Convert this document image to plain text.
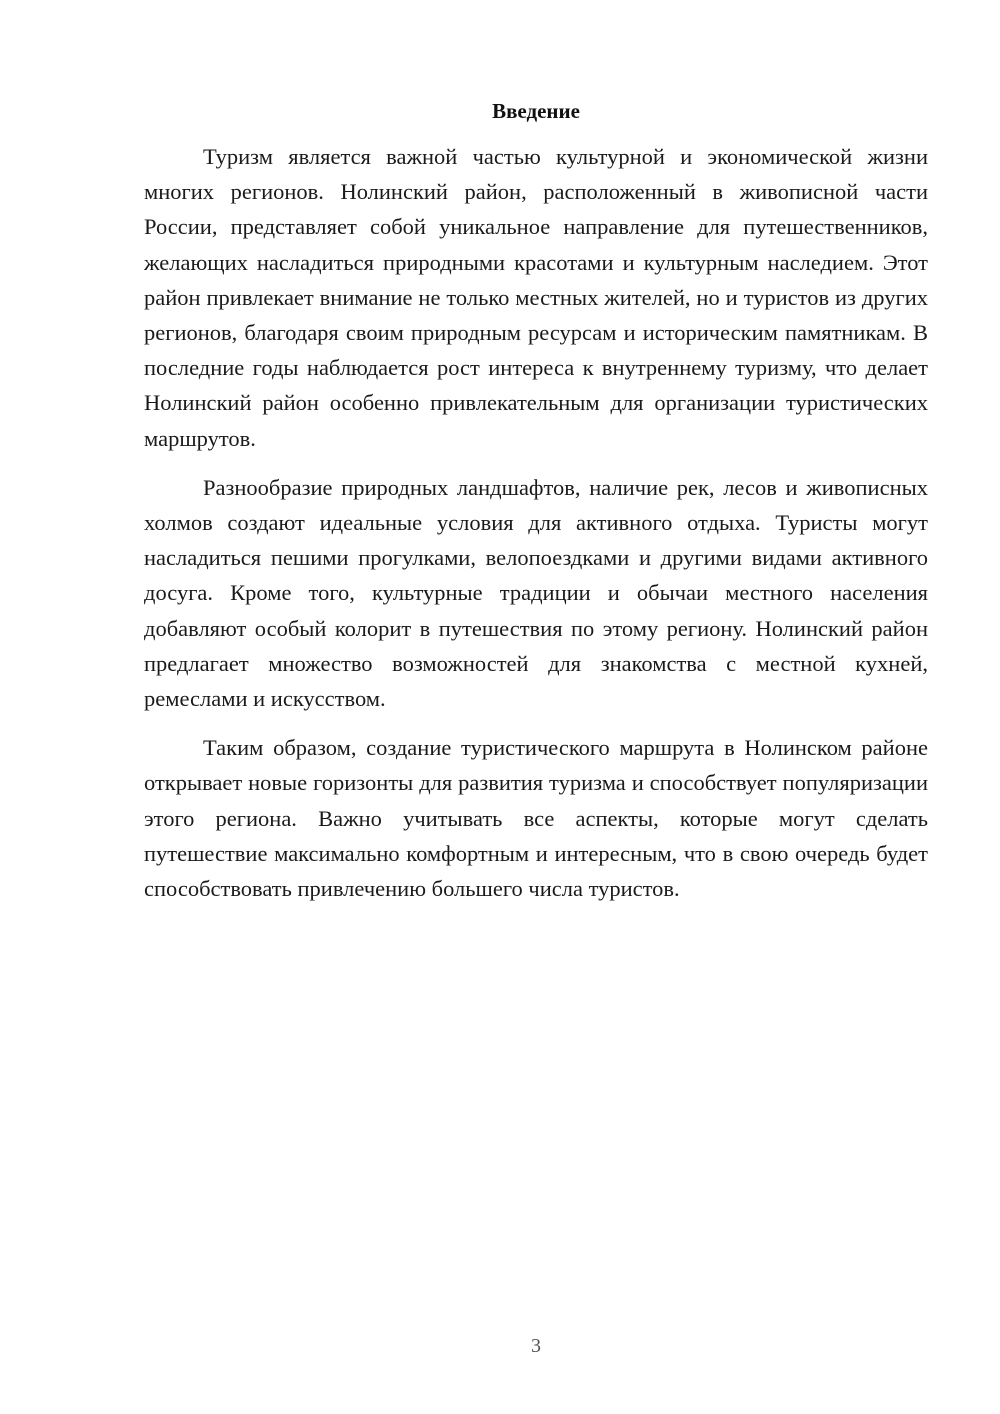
Введение

Туризм является важной частью культурной и экономической жизни многих регионов. Нолинский район, расположенный в живописной части России, представляет собой уникальное направление для путешественников, желающих насладиться природными красотами и культурным наследием. Этот район привлекает внимание не только местных жителей, но и туристов из других регионов, благодаря своим природным ресурсам и историческим памятникам. В последние годы наблюдается рост интереса к внутреннему туризму, что делает Нолинский район особенно привлекательным для организации туристических маршрутов.

Разнообразие природных ландшафтов, наличие рек, лесов и живописных холмов создают идеальные условия для активного отдыха. Туристы могут насладиться пешими прогулками, велопоездками и другими видами активного досуга. Кроме того, культурные традиции и обычаи местного населения добавляют особый колорит в путешествия по этому региону. Нолинский район предлагает множество возможностей для знакомства с местной кухней, ремеслами и искусством.

Таким образом, создание туристического маршрута в Нолинском районе открывает новые горизонты для развития туризма и способствует популяризации этого региона. Важно учитывать все аспекты, которые могут сделать путешествие максимально комфортным и интересным, что в свою очередь будет способствовать привлечению большего числа туристов.

3
